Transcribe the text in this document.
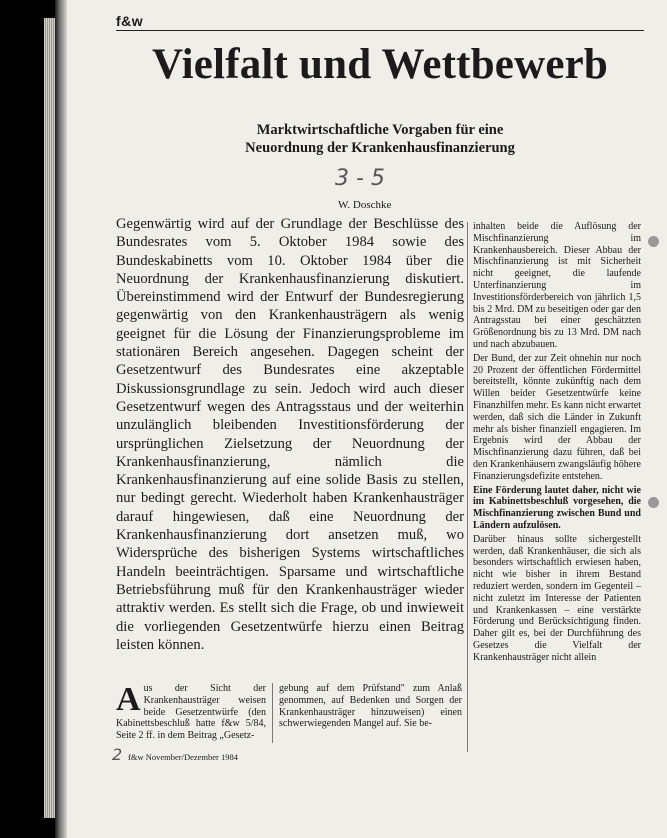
f&w
Vielfalt und Wettbewerb
Marktwirtschaftliche Vorgaben für eine
Neuordnung der Krankenhausfinanzierung
3 - 5
W. Doschke
Gegenwärtig wird auf der Grundlage der Beschlüsse des Bundesrates vom 5. Oktober 1984 sowie des Bundeskabinetts vom 10. Oktober 1984 über die Neuordnung der Krankenhausfinanzierung diskutiert. Übereinstimmend wird der Entwurf der Bundesregierung gegenwärtig von den Krankenhausträgern als wenig geeignet für die Lösung der Finanzierungsprobleme im stationären Bereich angesehen. Dagegen scheint der Gesetzentwurf des Bundesrates eine akzeptable Diskussionsgrundlage zu sein. Jedoch wird auch dieser Gesetzentwurf wegen des Antragsstaus und der weiterhin unzulänglich bleibenden Investitionsförderung der ursprünglichen Zielsetzung der Neuordnung der Krankenhausfinanzierung, nämlich die Krankenhausfinanzierung auf eine solide Basis zu stellen, nur bedingt gerecht. Wiederholt haben Krankenhausträger darauf hingewiesen, daß eine Neuordnung der Krankenhausfinanzierung dort ansetzen muß, wo Widersprüche des bisherigen Systems wirtschaftliches Handeln beeinträchtigen. Sparsame und wirtschaftliche Betriebsführung muß für den Krankenhausträger wieder attraktiv werden. Es stellt sich die Frage, ob und inwieweit die vorliegenden Gesetzentwürfe hierzu einen Beitrag leisten können.

inhalten beide die Auflösung der Mischfinanzierung im Krankenhausbereich. Dieser Abbau der Mischfinanzierung ist mit Sicherheit nicht geeignet, die laufende Unterfinanzierung im Investitionsförderbereich von jährlich 1,5 bis 2 Mrd. DM zu beseitigen oder gar den Antragsstau bei einer geschätzten Größenordnung bis zu 13 Mrd. DM nach und nach abzubauen.

Der Bund, der zur Zeit ohnehin nur noch 20 Prozent der öffentlichen Fördermittel bereitstellt, könnte zukünftig nach dem Willen beider Gesetzentwürfe keine Finanzhilfen mehr. Es kann nicht erwartet werden, daß sich die Länder in Zukunft mehr als bisher finanziell engagieren. Im Ergebnis wird der Abbau der Mischfinanzierung dazu führen, daß bei den Krankenhäusern zwangsläufig höhere Finanzierungsdefizite entstehen.

Eine Förderung lautet daher, nicht wie im Kabinettsbeschluß vorgesehen, die Mischfinanzierung zwischen Bund und Ländern aufzulösen.

Darüber hinaus sollte sichergestellt werden, daß Krankenhäuser, die sich als besonders wirtschaftlich erwiesen haben, nicht wie bisher in ihrem Bestand reduziert werden, sondern im Gegenteil – nicht zuletzt im Interesse der Patienten und Krankenkassen – eine verstärkte Förderung und Berücksichtigung finden. Daher gilt es, bei der Durchführung des Gesetzes die Vielfalt der Krankenhausträger nicht allein

A us der Sicht der Krankenhausträger weisen beide Gesetzentwürfe (den Kabinettsbeschluß hatte f&w 5/84, Seite 2 ff. in dem Beitrag „Gesetz-
gebung auf dem Prüfstand" zum Anlaß genommen, auf Bedenken und Sorgen der Krankenhausträger hinzuweisen) einen schwerwiegenden Mangel auf. Sie be-
2 f&w November/Dezember 1984
